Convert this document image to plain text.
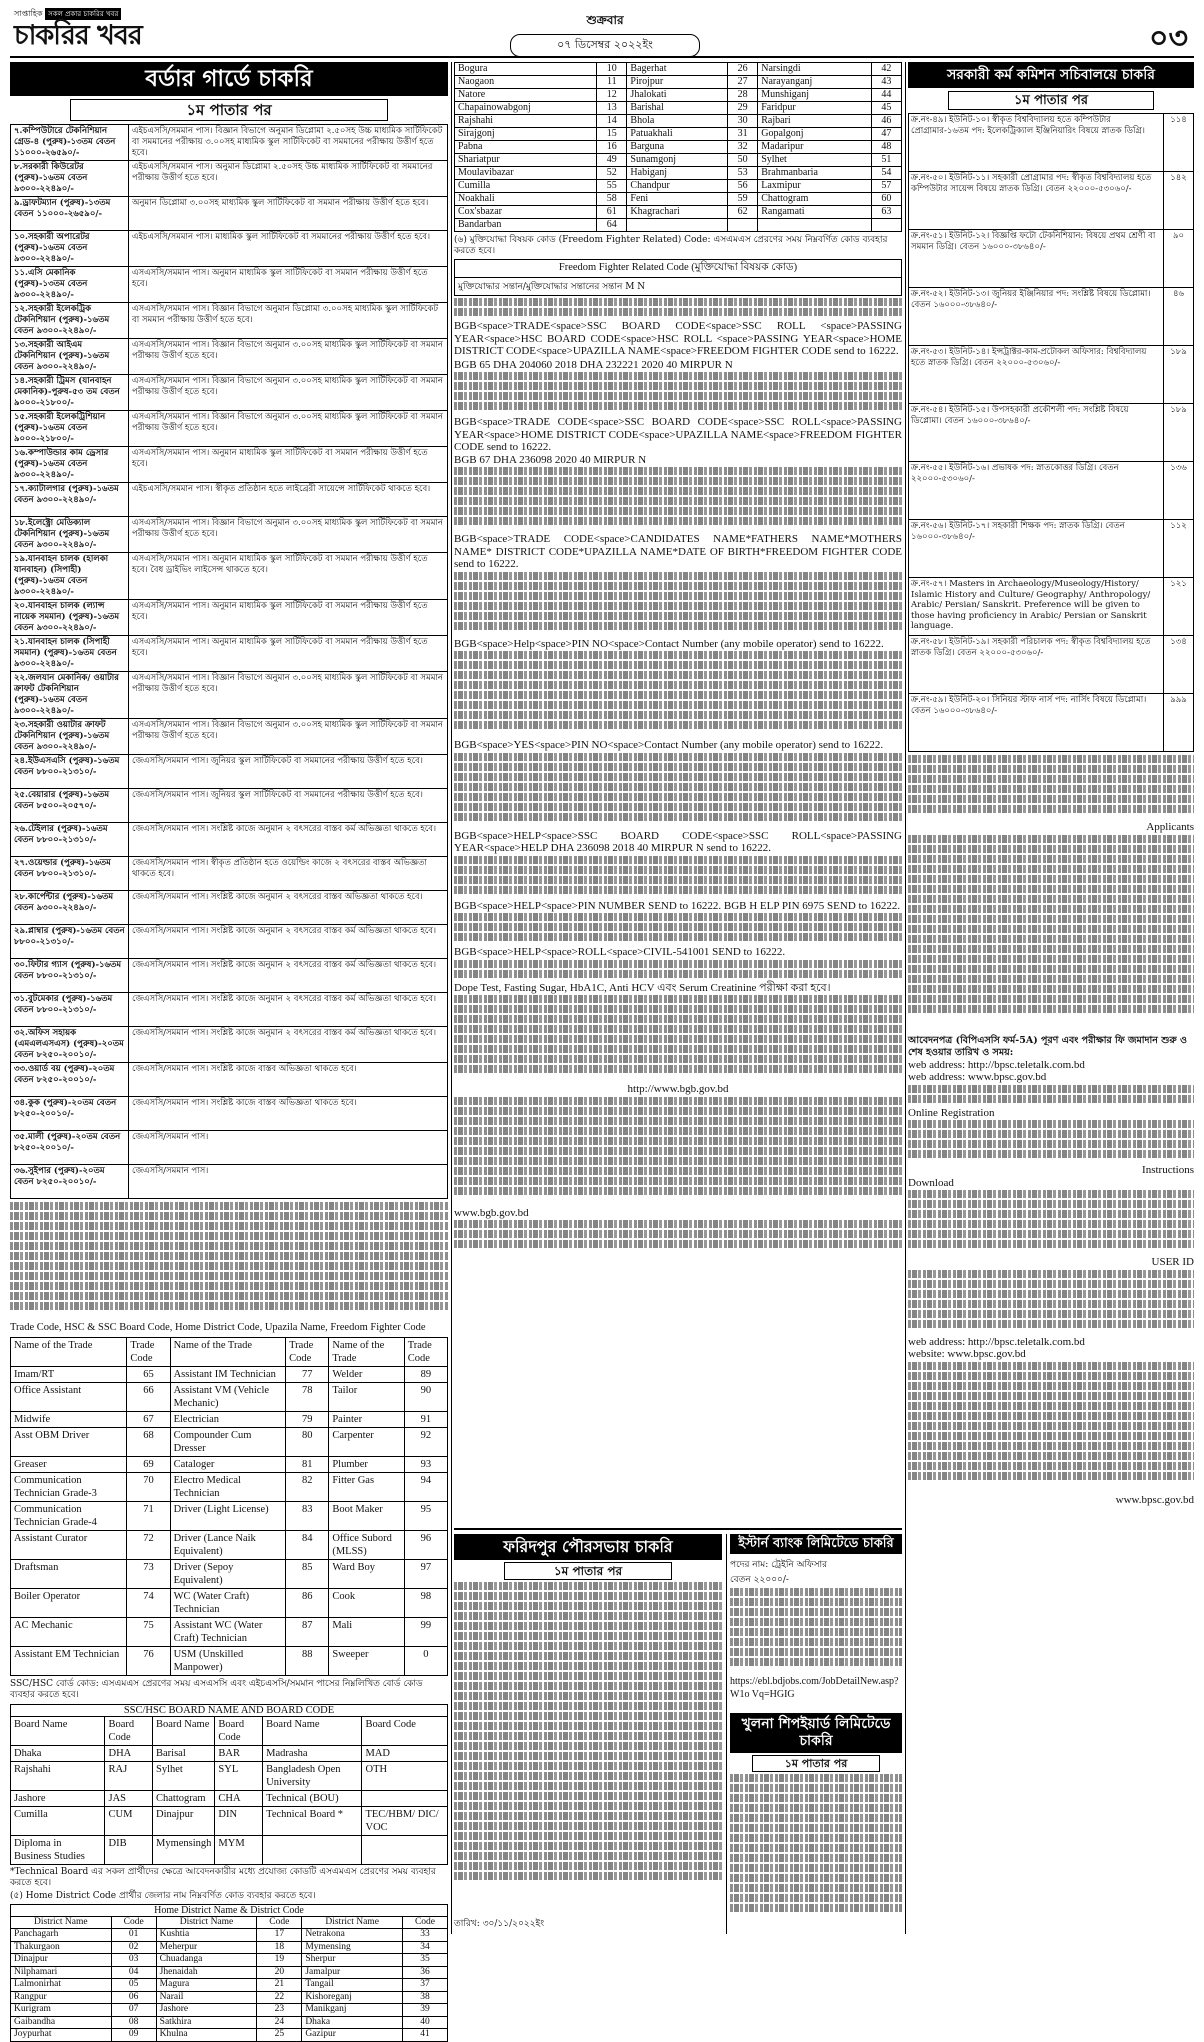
সাপ্তাহিক সকল প্রকার চাকরির খবর
চাকরির খবর	শুক্রবার
০৭ ডিসেম্বর ২০২২ইং	০৩
বর্ডার গার্ডে চাকরি
১ম পাতার পর
৭.কম্পিউটারে টেকনিশিয়ান গ্রেড-৪ (পুরুষ)-১৩তম বেতন ১১০০০-২৬৫৯০/-	এইচএসসি/সমমান পাস। বিজ্ঞান বিভাগে অনুমান ডিপ্লোমা ২.৫০সহ উচ্চ মাধ্যমিক সার্টিফিকেট বা সমমানের পরীক্ষায় ৩.০০সহ মাধ্যমিক স্কুল সার্টিফিকেট বা সমমানের পরীক্ষায় উত্তীর্ণ হতে হবে।
৮.সরকারী কিউরেটর (পুরুষ)-১৬তম বেতন ৯৩০০-২২৪৯০/-	এইচএসসি/সমমান পাস। অনুমান ডিপ্লোমা ২.৫০সহ উচ্চ মাধ্যমিক সার্টিফিকেট বা সমমানের পরীক্ষায় উত্তীর্ণ হতে হবে।
৯.ড্রাফটম্যান (পুরুষ)-১৩তম বেতন ১১০০০-২৬৫৯০/-	অনুমান ডিপ্লোমা ৩.০০সহ মাধ্যমিক স্কুল সার্টিফিকেট বা সমমান পরীক্ষায় উত্তীর্ণ হতে হবে।
১০.সহকারী অপারেটর (পুরুষ)-১৬তম বেতন ৯৩০০-২২৪৯০/-	এইচএসসি/সমমান পাস। মাধ্যমিক স্কুল সার্টিফিকেট বা সমমানের পরীক্ষায় উত্তীর্ণ হতে হবে।
১১.এসি মেকানিক (পুরুষ)-১৩তম বেতন ৯৩০০-২২৪৯০/-	এসএসসি/সমমান পাস। অনুমান মাধ্যমিক স্কুল সার্টিফিকেট বা সমমান পরীক্ষায় উত্তীর্ণ হতে হবে।
১২.সহকারী ইলেকট্রিক টেকনিশিয়ান (পুরুষ)-১৬তম বেতন ৯৩০০-২২৪৯০/-	এসএসসি/সমমান পাস। বিজ্ঞান বিভাগে অনুমান ডিপ্লোমা ৩.০০সহ মাধ্যমিক স্কুল সার্টিফিকেট বা সমমান পরীক্ষায় উত্তীর্ণ হতে হবে।
১৩.সহকারী আইএম টেকনিশিয়ান (পুরুষ)-১৬তম বেতন ৯৩০০-২২৪৯০/-	এসএসসি/সমমান পাস। বিজ্ঞান বিভাগে অনুমান ৩.০০সহ মাধ্যমিক স্কুল সার্টিফিকেট বা সমমান পরীক্ষায় উত্তীর্ণ হতে হবে।
১৪.সহকারী ট্রিমস (যানবাহন মেকানিক)-পুরুষ-৫৩ তম বেতন ৯০০০-২১৮০০/-	এসএসসি/সমমান পাস। বিজ্ঞান বিভাগে অনুমান ৩.০০সহ মাধ্যমিক স্কুল সার্টিফিকেট বা সমমান পরীক্ষায় উত্তীর্ণ হতে হবে।
১৫.সহকারী ইলেকট্রিশিয়ান (পুরুষ)-১৬তম বেতন ৯০০০-২১৮০০/-	এসএসসি/সমমান পাস। বিজ্ঞান বিভাগে অনুমান ৩.০০সহ মাধ্যমিক স্কুল সার্টিফিকেট বা সমমান পরীক্ষায় উত্তীর্ণ হতে হবে।
১৬.কম্পাউন্ডার কাম ড্রেসার (পুরুষ)-১৬তম বেতন ৯৩০০-২২৪৯০/-	এসএসসি/সমমান পাস। অনুমান মাধ্যমিক স্কুল সার্টিফিকেট বা সমমান পরীক্ষায় উত্তীর্ণ হতে হবে।
১৭.ক্যাটালগার (পুরুষ)-১৬তম বেতন ৯৩০০-২২৪৯০/-	এইচএসসি/সমমান পাস। স্বীকৃত প্রতিষ্ঠান হতে লাইব্রেরী সায়েন্সে সার্টিফিকেট থাকতে হবে।
১৮.ইলেক্ট্রো মেডিক্যাল টেকনিশিয়ান (পুরুষ)-১৬তম বেতন ৯৩০০-২২৪৯০/-	এসএসসি/সমমান পাস। বিজ্ঞান বিভাগে অনুমান ৩.০০সহ মাধ্যমিক স্কুল সার্টিফিকেট বা সমমান পরীক্ষায় উত্তীর্ণ হতে হবে।
১৯.যানবাহন চালক (হালকা যানবাহন) (সিপাহী) (পুরুষ)-১৬তম বেতন ৯৩০০-২২৪৯০/-	এসএসসি/সমমান পাস। অনুমান মাধ্যমিক স্কুল সার্টিফিকেট বা সমমান পরীক্ষায় উত্তীর্ণ হতে হবে। বৈধ ড্রাইভিং লাইসেন্স থাকতে হবে।
২০.যানবাহন চালক (ল্যান্স নায়েক সমমান) (পুরুষ)-১৬তম বেতন ৯৩০০-২২৪৯০/-	এসএসসি/সমমান পাস। অনুমান মাধ্যমিক স্কুল সার্টিফিকেট বা সমমান পরীক্ষায় উত্তীর্ণ হতে হবে।
২১.যানবাহন চালক (সিপাহী সমমান) (পুরুষ)-১৬তম বেতন ৯৩০০-২২৪৯০/-	এসএসসি/সমমান পাস। অনুমান মাধ্যমিক স্কুল সার্টিফিকেট বা সমমান পরীক্ষায় উত্তীর্ণ হতে হবে।
২২.জলযান মেকানিক/ ওয়াটার ক্রাফট টেকনিশিয়ান (পুরুষ)-১৬তম বেতন ৯৩০০-২২৪৯০/-	এসএসসি/সমমান পাস। বিজ্ঞান বিভাগে অনুমান ৩.০০সহ মাধ্যমিক স্কুল সার্টিফিকেট বা সমমান পরীক্ষায় উত্তীর্ণ হতে হবে।
২৩.সহকারী ওয়াটার ক্রাফট টেকনিশিয়ান (পুরুষ)-১৬তম বেতন ৯৩০০-২২৪৯০/-	এসএসসি/সমমান পাস। বিজ্ঞান বিভাগে অনুমান ৩.০০সহ মাধ্যমিক স্কুল সার্টিফিকেট বা সমমান পরীক্ষায় উত্তীর্ণ হতে হবে।
২৪.ইউএসএসি (পুরুষ)-১৬তম বেতন ৮৮০০-২১৩১০/-	জেএসসি/সমমান পাস। জুনিয়র স্কুল সার্টিফিকেট বা সমমানের পরীক্ষায় উত্তীর্ণ হতে হবে।
২৫.বেয়ারার (পুরুষ)-১৬তম বেতন ৮৫০০-২০৫৭০/-	জেএসসি/সমমান পাস। জুনিয়র স্কুল সার্টিফিকেট বা সমমানের পরীক্ষায় উত্তীর্ণ হতে হবে।
২৬.টেইলার (পুরুষ)-১৬তম বেতন ৮৮০০-২১৩১০/-	জেএসসি/সমমান পাস। সংশ্লিষ্ট কাজে অনুমান ২ বৎসরের বাস্তব কর্ম অভিজ্ঞতা থাকতে হবে।
২৭.ওয়েল্ডার (পুরুষ)-১৬তম বেতন ৮৮০০-২১৩১০/-	জেএসসি/সমমান পাস। স্বীকৃত প্রতিষ্ঠান হতে ওয়েল্ডিং কাজে ২ বৎসরের বাস্তব অভিজ্ঞতা থাকতে হবে।
২৮.কার্পেন্টার (পুরুষ)-১৬তম বেতন ৯৩০০-২২৪৯০/-	জেএসসি/সমমান পাস। সংশ্লিষ্ট কাজে অনুমান ২ বৎসরের বাস্তব অভিজ্ঞতা থাকতে হবে।
২৯.প্লাম্বার (পুরুষ)-১৬তম বেতন ৮৮০০-২১৩১০/-	জেএসসি/সমমান পাস। সংশ্লিষ্ট কাজে অনুমান ২ বৎসরের বাস্তব কর্ম অভিজ্ঞতা থাকতে হবে।
৩০.ফিটার গ্যাস (পুরুষ)-১৬তম বেতন ৮৮০০-২১৩১০/-	জেএসসি/সমমান পাস। সংশ্লিষ্ট কাজে অনুমান ২ বৎসরের বাস্তব কর্ম অভিজ্ঞতা থাকতে হবে।
৩১.বুটমেকার (পুরুষ)-১৬তম বেতন ৮৮০০-২১৩১০/-	জেএসসি/সমমান পাস। সংশ্লিষ্ট কাজে অনুমান ২ বৎসরের বাস্তব কর্ম অভিজ্ঞতা থাকতে হবে।
৩২.অফিস সহায়ক (এমএলএসএস) (পুরুষ)-২০তম বেতন ৮২৫০-২০০১০/-	জেএসসি/সমমান পাস। সংশ্লিষ্ট কাজে অনুমান ২ বৎসরের বাস্তব কর্ম অভিজ্ঞতা থাকতে হবে।
৩৩.ওয়ার্ড বয় (পুরুষ)-২০তম বেতন ৮২৫০-২০০১০/-	জেএসসি/সমমান পাস। সংশ্লিষ্ট কাজে বাস্তব অভিজ্ঞতা থাকতে হবে।
৩৪.কুক (পুরুষ)-২০তম বেতন ৮২৫০-২০০১০/-	জেএসসি/সমমান পাস। সংশ্লিষ্ট কাজে বাস্তব অভিজ্ঞতা থাকতে হবে।
৩৫.মালী (পুরুষ)-২০তম বেতন ৮২৫০-২০০১০/-	জেএসসি/সমমান পাস।
৩৬.সুইপার (পুরুষ)-২০তম বেতন ৮২৫০-২০০১০/-	জেএসসি/সমমান পাস।
Trade Code, HSC & SSC Board Code, Home District Code, Upazila Name, Freedom Fighter Code
Name of the Trade	Trade Code	Name of the Trade	Trade Code	Name of the Trade	Trade Code
Imam/RT	65	Assistant IM Technician	77	Welder	89
Office Assistant	66	Assistant VM (Vehicle Mechanic)	78	Tailor	90
Midwife	67	Electrician	79	Painter	91
Asst OBM Driver	68	Compounder Cum Dresser	80	Carpenter	92
Greaser	69	Cataloger	81	Plumber	93
Communication Technician Grade-3	70	Electro Medical Technician	82	Fitter Gas	94
Communication Technician Grade-4	71	Driver (Light License)	83	Boot Maker	95
Assistant Curator	72	Driver (Lance Naik Equivalent)	84	Office Subord (MLSS)	96
Draftsman	73	Driver (Sepoy Equivalent)	85	Ward Boy	97
Boiler Operator	74	WC (Water Craft) Technician	86	Cook	98
AC Mechanic	75	Assistant WC (Water Craft) Technician	87	Mali	99
Assistant EM Technician	76	USM (Unskilled Manpower)	88	Sweeper	0
SSC/HSC বোর্ড কোড: এসএমএস প্রেরণের সময় এসএসসি এবং এইচএসসি/সমমান পাসের নিম্নলিখিত বোর্ড কোড ব্যবহার করতে হবে।
SSC/HSC BOARD NAME AND BOARD CODE
Board Name	Board Code	Board Name	Board Code	Board Name	Board Code
Dhaka	DHA	Barisal	BAR	Madrasha	MAD
Rajshahi	RAJ	Sylhet	SYL	Bangladesh Open University	OTH
Jashore	JAS	Chattogram	CHA	Technical (BOU)	
Cumilla	CUM	Dinajpur	DIN	Technical Board *	TEC/HBM/ DIC/ VOC
Diploma in Business Studies	DIB	Mymensingh	MYM		
*Technical Board এর সকল প্রার্থীদের ক্ষেত্রে আবেদনকারীর মধ্যে প্রযোজ্য কোডটি এসএমএস প্রেরণের সময় ব্যবহার করতে হবে।
(৫) Home District Code প্রার্থীর জেলার নাম নিম্নবর্ণিত কোড ব্যবহার করতে হবে।
Home District Name & District Code
District Name	Code	District Name	Code	District Name	Code
Panchagarh	01	Kushtia	17	Netrakona	33
Thakurgaon	02	Meherpur	18	Mymensing	34
Dinajpur	03	Chuadanga	19	Sherpur	35
Nilphamari	04	Jhenaidah	20	Jamalpur	36
Lalmonirhat	05	Magura	21	Tangail	37
Rangpur	06	Narail	22	Kishoreganj	38
Kurigram	07	Jashore	23	Manikganj	39
Gaibandha	08	Satkhira	24	Dhaka	40
Joypurhat	09	Khulna	25	Gazipur	41
Bogura	10	Bagerhat	26	Narsingdi	42
Naogaon	11	Pirojpur	27	Narayanganj	43
Natore	12	Jhalokati	28	Munshiganj	44
Chapainowabgonj	13	Barishal	29	Faridpur	45
Rajshahi	14	Bhola	30	Rajbari	46
Sirajgonj	15	Patuakhali	31	Gopalgonj	47
Pabna	16	Barguna	32	Madaripur	48
Shariatpur	49	Sunamgonj	50	Sylhet	51
Moulavibazar	52	Habiganj	53	Brahmanbaria	54
Cumilla	55	Chandpur	56	Laxmipur	57
Noakhali	58	Feni	59	Chattogram	60
Cox'sbazar	61	Khagrachari	62	Rangamati	63
Bandarban	64				
(৬) মুক্তিযোদ্ধা বিষয়ক কোড (Freedom Fighter Related) Code: এসএমএস প্রেরণের সময় নিম্নবর্ণিত কোড ব্যবহার করতে হবে।
Freedom Fighter Related Code (মুক্তিযোদ্ধা বিষয়ক কোড)
মুক্তিযোদ্ধার সন্তান/মুক্তিযোদ্ধার সন্তানের সন্তান M N
BGB<space>TRADE<space>SSC BOARD CODE<space>SSC ROLL <space>PASSING YEAR<space>HSC BOARD CODE<space>HSC ROLL <space>PASSING YEAR<space>HOME DISTRICT CODE<space>UPAZILLA NAME<space>FREEDOM FIGHTER CODE send to 16222.
BGB 65 DHA 204060 2018 DHA 232221 2020 40 MIRPUR N
BGB<space>TRADE CODE<space>SSC BOARD CODE<space>SSC ROLL<space>PASSING YEAR<space>HOME DISTRICT CODE<space>UPAZILLA NAME<space>FREEDOM FIGHTER CODE send to 16222.
BGB 67 DHA 236098 2020 40 MIRPUR N
BGB<space>TRADE CODE<space>CANDIDATES NAME*FATHERS NAME*MOTHERS NAME* DISTRICT CODE*UPAZILLA NAME*DATE OF BIRTH*FREEDOM FIGHTER CODE send to 16222.
BGB<space>Help<space>PIN NO<space>Contact Number (any mobile operator) send to 16222.
BGB<space>YES<space>PIN NO<space>Contact Number (any mobile operator) send to 16222.
BGB<space>HELP<space>SSC BOARD CODE<space>SSC ROLL<space>PASSING YEAR<space>HELP DHA 236098 2018 40 MIRPUR N send to 16222.
BGB<space>HELP<space>PIN NUMBER SEND to 16222. BGB H ELP PIN 6975 SEND to 16222.
BGB<space>HELP<space>ROLL<space>CIVIL-541001 SEND to 16222.
Dope Test, Fasting Sugar, HbA1C, Anti HCV এবং Serum Creatinine পরীক্ষা করা হবে।
http://www.bgb.gov.bd
www.bgb.gov.bd
ফরিদপুর পৌরসভায় চাকরি
১ম পাতার পর
তারিখ: ৩০/১১/২০২২ইং
ইস্টার্ন ব্যাংক লিমিটেডে চাকরি
পদের নাম: ট্রেইনি অফিসার
বেতন ২২০০০/-
https://ebl.bdjobs.com/JobDetailNew.asp?W1o Vq=HGIG
খুলনা শিপইয়ার্ড লিমিটেডে চাকরি
১ম পাতার পর
সরকারী কর্ম কমিশন সচিবালয়ে চাকরি
১ম পাতার পর
ক্র.নং-৪৯। ইউনিট-১০। স্বীকৃত বিশ্ববিদ্যালয় হতে কম্পিউটার প্রোগ্রামার-১৬তম পদ: ইলেকট্রিক্যাল ইঞ্জিনিয়ারিং বিষয়ে স্নাতক ডিগ্রি।	১১৪
ক্র.নং-৫০। ইউনিট-১১। সহকারী প্রোগ্রামার পদ: স্বীকৃত বিশ্ববিদ্যালয় হতে কম্পিউটার সায়েন্স বিষয়ে স্নাতক ডিগ্রি। বেতন ২২০০০-৫৩০৬০/-	১৪২
ক্র.নং-৫১। ইউনিট-১২। বিজ্ঞপ্তি ফটো টেকনিশিয়ান: বিষয়ে প্রথম শ্রেণী বা সমমান ডিগ্রি। বেতন ১৬০০০-৩৮৬৪০/-	৯০
ক্র.নং-৫২। ইউনিট-১৩। জুনিয়র ইঞ্জিনিয়ার পদ: সংশ্লিষ্ট বিষয়ে ডিপ্লোমা। বেতন ১৬০০০-৩৮৬৪০/-	৪৬
ক্র.নং-৫৩। ইউনিট-১৪। ইন্সট্রাক্টর-কাম-প্রটোকল অফিসার: বিশ্ববিদ্যালয় হতে স্নাতক ডিগ্রি। বেতন ২২০০০-৫৩০৬০/-	১৮৯
ক্র.নং-৫৪। ইউনিট-১৫। উপসহকারী প্রকৌশলী পদ: সংশ্লিষ্ট বিষয়ে ডিপ্লোমা। বেতন ১৬০০০-৩৮৬৪০/-	১৮৯
ক্র.নং-৫৫। ইউনিট-১৬। প্রভাষক পদ: স্নাতকোত্তর ডিগ্রি। বেতন ২২০০০-৫৩০৬০/-	১৩৬
ক্র.নং-৫৬। ইউনিট-১৭। সহকারী শিক্ষক পদ: স্নাতক ডিগ্রি। বেতন ১৬০০০-৩৮৬৪০/-	১১২
ক্র.নং-৫৭। Masters in Archaeology/Museology/History/ Islamic History and Culture/ Geography/ Anthropology/ Arabic/ Persian/ Sanskrit. Preference will be given to those having proficiency in Arabic/ Persian or Sanskrit language.	১২১
ক্র.নং-৫৮। ইউনিট-১৯। সহকারী পরিচালক পদ: স্বীকৃত বিশ্ববিদ্যালয় হতে স্নাতক ডিগ্রি। বেতন ২২০০০-৫৩০৬০/-	১৩৪
ক্র.নং-৫৯। ইউনিট-২০। সিনিয়র স্টাফ নার্স পদ: নার্সিং বিষয়ে ডিপ্লোমা। বেতন ১৬০০০-৩৮৬৪০/-	৯৯৯
Applicants
আবেদনপত্র (বিপিএসসি ফর্ম-5A) পূরণ এবং পরীক্ষার ফি জমাদান শুরু ও শেষ হওয়ার তারিখ ও সময়:
web address: http://bpsc.teletalk.com.bd
web address: www.bpsc.gov.bd
Online Registration
Instructions
Download
USER ID
web address: http://bpsc.teletalk.com.bd
website: www.bpsc.gov.bd
www.bpsc.gov.bd
